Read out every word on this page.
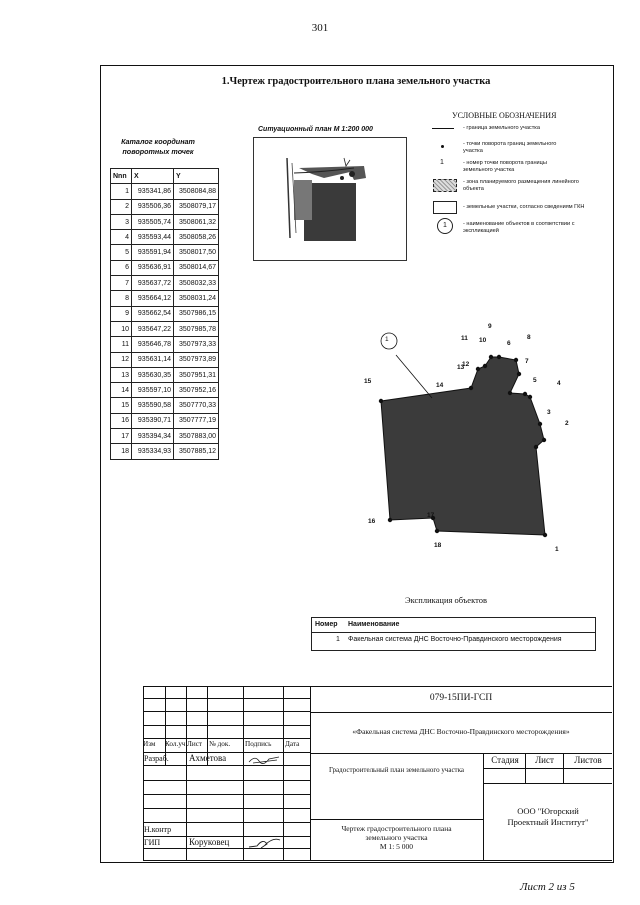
301
1.Чертеж градостроительного плана земельного участка
Каталог координат
поворотных точек
Nnn	X	Y
1	935341,86	3508084,88
2	935506,36	3508079,17
3	935505,74	3508061,32
4	935593,44	3508058,26
5	935591,94	3508017,50
6	935636,91	3508014,67
7	935637,72	3508032,33
8	935664,12	3508031,24
9	935662,54	3507986,15
10	935647,22	3507985,78
11	935646,78	3507973,33
12	935631,14	3507973,89
13	935630,35	3507951,31
14	935597,10	3507952,16
15	935590,58	3507770,33
16	935390,71	3507777,19
17	935394,34	3507883,00
18	935334,93	3507885,12
Ситуационный план М 1:200 000
УСЛОВНЫЕ ОБОЗНАЧЕНИЯ
- граница земельного участка
- точки поворота границ земельного участка
1	- номер точки поворота границы земельного участка
- зона планируемого размещения линейного объекта
- земельные участки, согласно сведениям ГКН
1	- наименование объектов в соответствии с экспликацией
1
1
2
3
4
5
6
7
8
9
10
11
12
13
14
15
16
17
18
Экспликация объектов
Номер Наименование
1 Факельная система ДНС Восточно-Правдинского месторождения
Изм Кол.уч Лист № док. Подпись Дата
Разраб. Ахметова
Н.контр
ГИП	Коруковец
079-15ПИ-ГСП
«Факельная система ДНС Восточно-Правдинского месторождения»
Градостроительный план земельного участка
Стадия	Лист	Листов
Чертеж градостроительного плана
земельного участка
М 1: 5 000
ООО "Югорский
Проектный Институт"
Лист 2 из 5
